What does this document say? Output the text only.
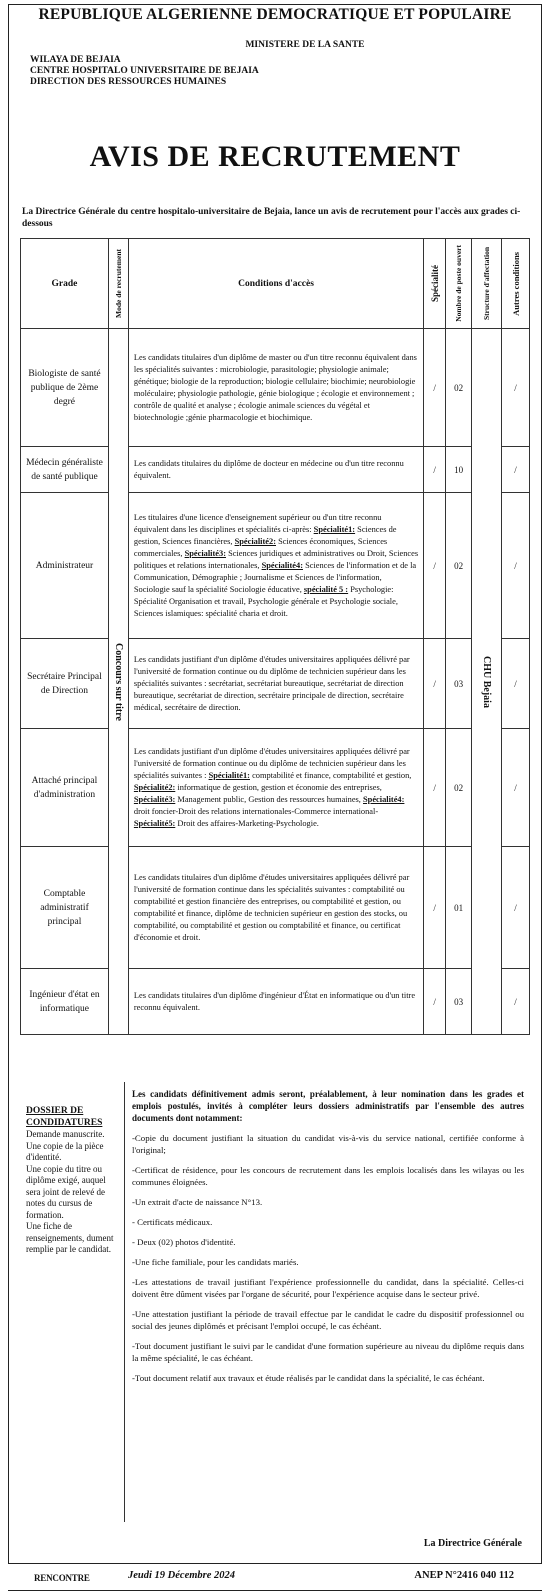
REPUBLIQUE ALGERIENNE DEMOCRATIQUE ET POPULAIRE
MINISTERE DE LA SANTE
WILAYA DE BEJAIA
CENTRE HOSPITALO UNIVERSITAIRE DE BEJAIA
DIRECTION DES RESSOURCES HUMAINES
AVIS DE RECRUTEMENT
La Directrice Générale du centre hospitalo-universitaire de Bejaia, lance un avis de recrutement pour l'accès aux grades ci-dessous
Grade	Mode de recrutement	Conditions d'accès	Spécialité	Nombre de poste ouvert	Structure d'affectation	Autres conditions

Biologiste de santé publique de 2ème degré	Concours sur titre	Les candidats titulaires d'un diplôme de master ou d'un titre reconnu équivalent dans les spécialités suivantes : microbiologie, parasitologie; physiologie animale; génétique; biologie de la reproduction; biologie cellulaire; biochimie; neurobiologie moléculaire; physiologie pathologie, génie biologique ; écologie et environnement ; contrôle de qualité et analyse ; écologie animale sciences du végétal et biotechnologie ;génie pharmacologie et biochimique.	/	02	CHU Bejaia	/
Médecin généraliste de santé publique		Les candidats titulaires du diplôme de docteur en médecine ou d'un titre reconnu équivalent.	/	10		/
Administrateur		Les titulaires d'une licence d'enseignement supérieur ou d'un titre reconnu équivalent dans les disciplines et spécialités ci-après: Spécialité1: Sciences de gestion, Sciences financières, Spécialité2: Sciences économiques, Sciences commerciales, Spécialité3: Sciences juridiques et administratives ou Droit, Sciences politiques et relations internationales, Spécialité4: Sciences de l'information et de la Communication, Démographie ; Journalisme et Sciences de l'information, Sociologie sauf la spécialité Sociologie éducative, spécialité 5 : Psychologie: Spécialité Organisation et travail, Psychologie générale et Psychologie sociale, Sciences islamiques: spécialité charia et droit.	/	02		/
Secrétaire Principal de Direction		Les candidats justifiant d'un diplôme d'études universitaires appliquées délivré par l'université de formation continue ou du diplôme de technicien supérieur dans les spécialités suivantes : secrétariat, secrétariat bureautique, secrétariat de direction bureautique, secrétariat de direction, secrétaire principale de direction, secrétaire médical, secrétaire de direction.	/	03		/
Attaché principal d'administration		Les candidats justifiant d'un diplôme d'études universitaires appliquées délivré par l'université de formation continue ou du diplôme de technicien supérieur dans les spécialités suivantes : Spécialité1: comptabilité et finance, comptabilité et gestion, Spécialité2: informatique de gestion, gestion et économie des entreprises, Spécialité3: Management public, Gestion des ressources humaines, Spécialité4: droit foncier-Droit des relations internationales-Commerce international- Spécialité5: Droit des affaires-Marketing-Psychologie.	/	02		/
Comptable administratif principal		Les candidats titulaires d'un diplôme d'études universitaires appliquées délivré par l'université de formation continue dans les spécialités suivantes : comptabilité ou comptabilité et gestion financière des entreprises, ou comptabilité et gestion, ou comptabilité et finance, diplôme de technicien supérieur en gestion des stocks, ou comptabilité, ou comptabilité et gestion ou comptabilité et finance, ou certificat d'économie et droit.	/	01		/
Ingénieur d'état en informatique		Les candidats titulaires d'un diplôme d'ingénieur d'État en informatique ou d'un titre reconnu équivalent.	/	03		/
DOSSIER DE
CONDIDATURES
Demande manuscrite.
Une copie de la pièce d'identité.
Une copie du titre ou diplôme exigé, auquel sera joint de relevé de notes du cursus de formation.
Une fiche de renseignements, dument remplie par le candidat.
Les candidats définitivement admis seront, préalablement, à leur nomination dans les grades et emplois postulés, invités à compléter leurs dossiers administratifs par l'ensemble des autres documents dont notamment:

-Copie du document justifiant la situation du candidat vis-à-vis du service national, certifiée conforme à l'original;

-Certificat de résidence, pour les concours de recrutement dans les emplois localisés dans les wilayas ou les communes éloignées.

-Un extrait d'acte de naissance N°13.

- Certificats médicaux.

- Deux (02) photos d'identité.

-Une fiche familiale, pour les candidats mariés.

-Les attestations de travail justifiant l'expérience professionnelle du candidat, dans la spécialité. Celles-ci doivent être dûment visées par l'organe de sécurité, pour l'expérience acquise dans le secteur privé.

-Une attestation justifiant la période de travail effectue par le candidat le cadre du dispositif professionnel ou social des jeunes diplômés et précisant l'emploi occupé, le cas échéant.

-Tout document justifiant le suivi par le candidat d'une formation supérieure au niveau du diplôme requis dans la même spécialité, le cas échéant.

-Tout document relatif aux travaux et étude réalisés par le candidat dans la spécialité, le cas échéant.

La Directrice Générale
RENCONTRE	Jeudi 19 Décembre 2024	ANEP N°2416 040 112
